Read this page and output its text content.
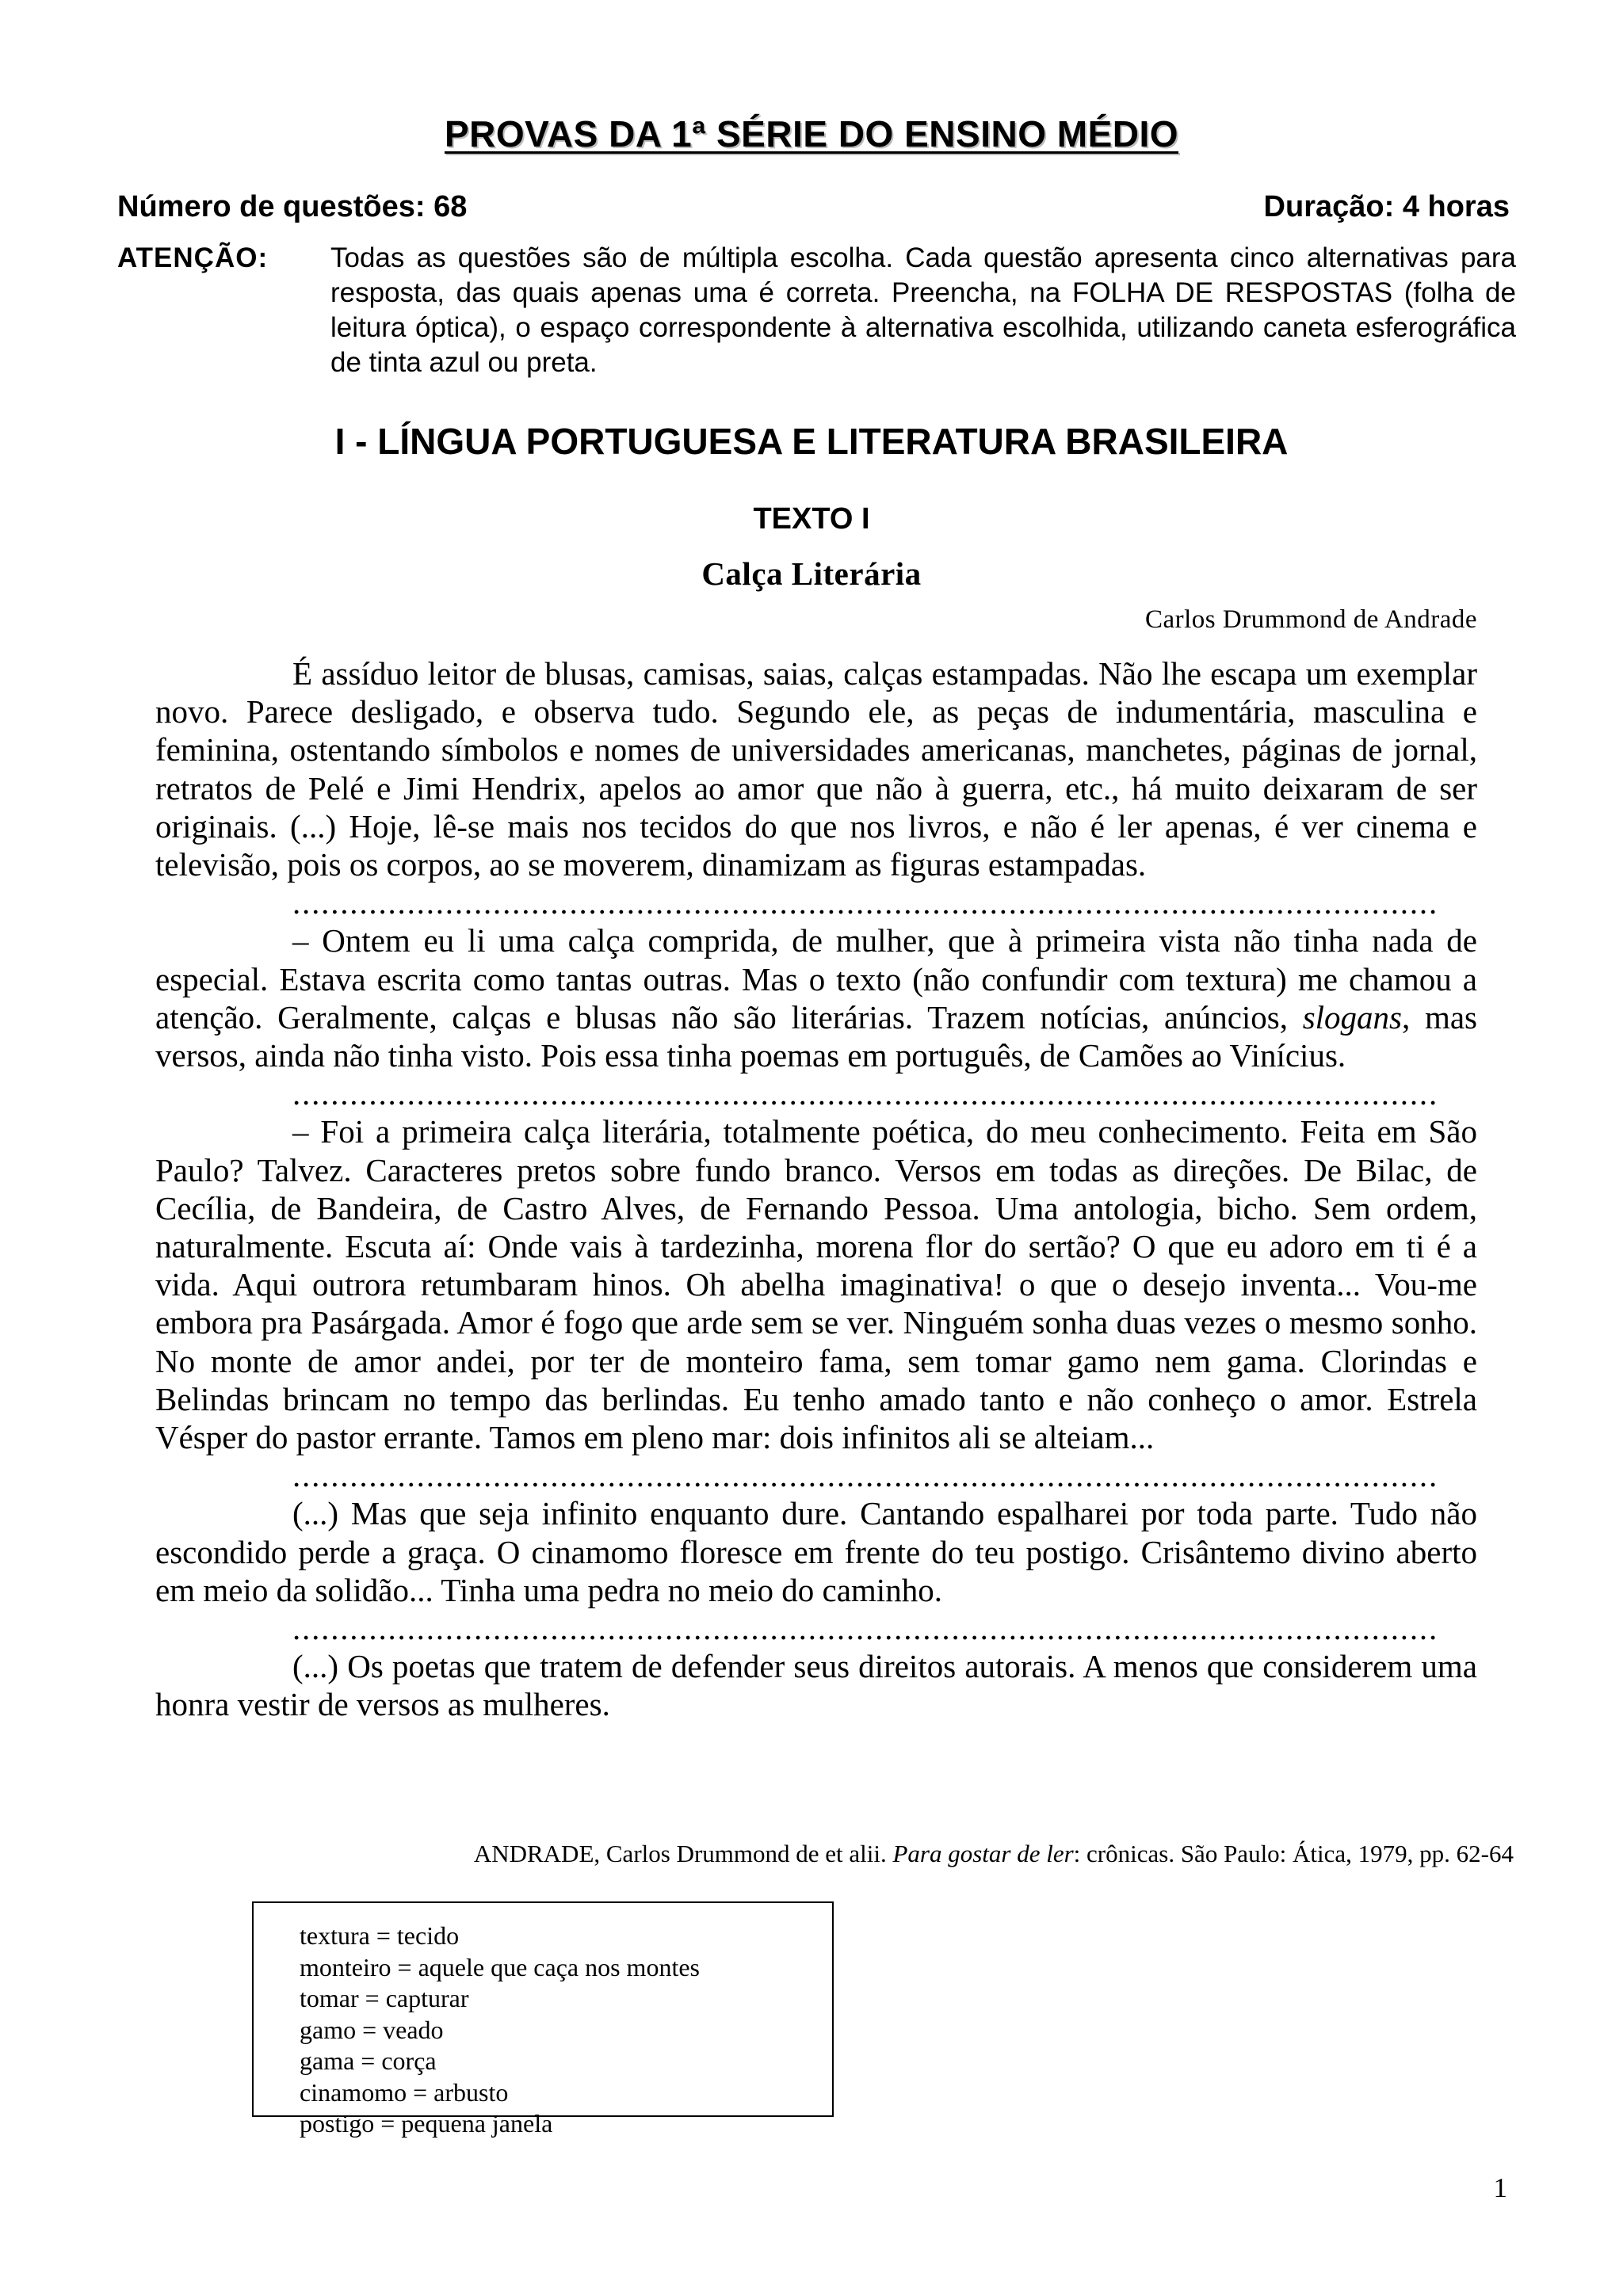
PROVAS DA 1ª SÉRIE DO ENSINO MÉDIO
Número de questões: 68	Duração: 4 horas
ATENÇÃO: Todas as questões são de múltipla escolha. Cada questão apresenta cinco alternativas para resposta, das quais apenas uma é correta. Preencha, na FOLHA DE RESPOSTAS (folha de leitura óptica), o espaço correspondente à alternativa escolhida, utilizando caneta esferográfica de tinta azul ou preta.
I - LÍNGUA PORTUGUESA E LITERATURA BRASILEIRA
TEXTO I
Calça Literária
Carlos Drummond de Andrade

É assíduo leitor de blusas, camisas, saias, calças estampadas. Não lhe escapa um exemplar novo. Parece desligado, e observa tudo. Segundo ele, as peças de indumentária, masculina e feminina, ostentando símbolos e nomes de universidades americanas, manchetes, páginas de jornal, retratos de Pelé e Jimi Hendrix, apelos ao amor que não à guerra, etc., há muito deixaram de ser originais. (...) Hoje, lê-se mais nos tecidos do que nos livros, e não é ler apenas, é ver cinema e televisão, pois os corpos, ao se moverem, dinamizam as figuras estampadas.

........................................................................................................................

– Ontem eu li uma calça comprida, de mulher, que à primeira vista não tinha nada de especial. Estava escrita como tantas outras. Mas o texto (não confundir com textura) me chamou a atenção. Geralmente, calças e blusas não são literárias. Trazem notícias, anúncios, slogans, mas versos, ainda não tinha visto. Pois essa tinha poemas em português, de Camões ao Vinícius.

........................................................................................................................

– Foi a primeira calça literária, totalmente poética, do meu conhecimento. Feita em São Paulo? Talvez. Caracteres pretos sobre fundo branco. Versos em todas as direções. De Bilac, de Cecília, de Bandeira, de Castro Alves, de Fernando Pessoa. Uma antologia, bicho. Sem ordem, naturalmente. Escuta aí: Onde vais à tardezinha, morena flor do sertão? O que eu adoro em ti é a vida. Aqui outrora retumbaram hinos. Oh abelha imaginativa! o que o desejo inventa... Vou-me embora pra Pasárgada. Amor é fogo que arde sem se ver. Ninguém sonha duas vezes o mesmo sonho. No monte de amor andei, por ter de monteiro fama, sem tomar gamo nem gama. Clorindas e Belindas brincam no tempo das berlindas. Eu tenho amado tanto e não conheço o amor. Estrela Vésper do pastor errante. Tamos em pleno mar: dois infinitos ali se alteiam...

........................................................................................................................

(...) Mas que seja infinito enquanto dure. Cantando espalharei por toda parte. Tudo não escondido perde a graça. O cinamomo floresce em frente do teu postigo. Crisântemo divino aberto em meio da solidão... Tinha uma pedra no meio do caminho.

........................................................................................................................

(...) Os poetas que tratem de defender seus direitos autorais. A menos que considerem uma honra vestir de versos as mulheres.

ANDRADE, Carlos Drummond de et alii. Para gostar de ler: crônicas. São Paulo: Ática, 1979, pp. 62-64
textura = tecido
monteiro = aquele que caça nos montes
tomar = capturar
gamo = veado
gama = corça
cinamomo = arbusto
postigo = pequena janela
1
